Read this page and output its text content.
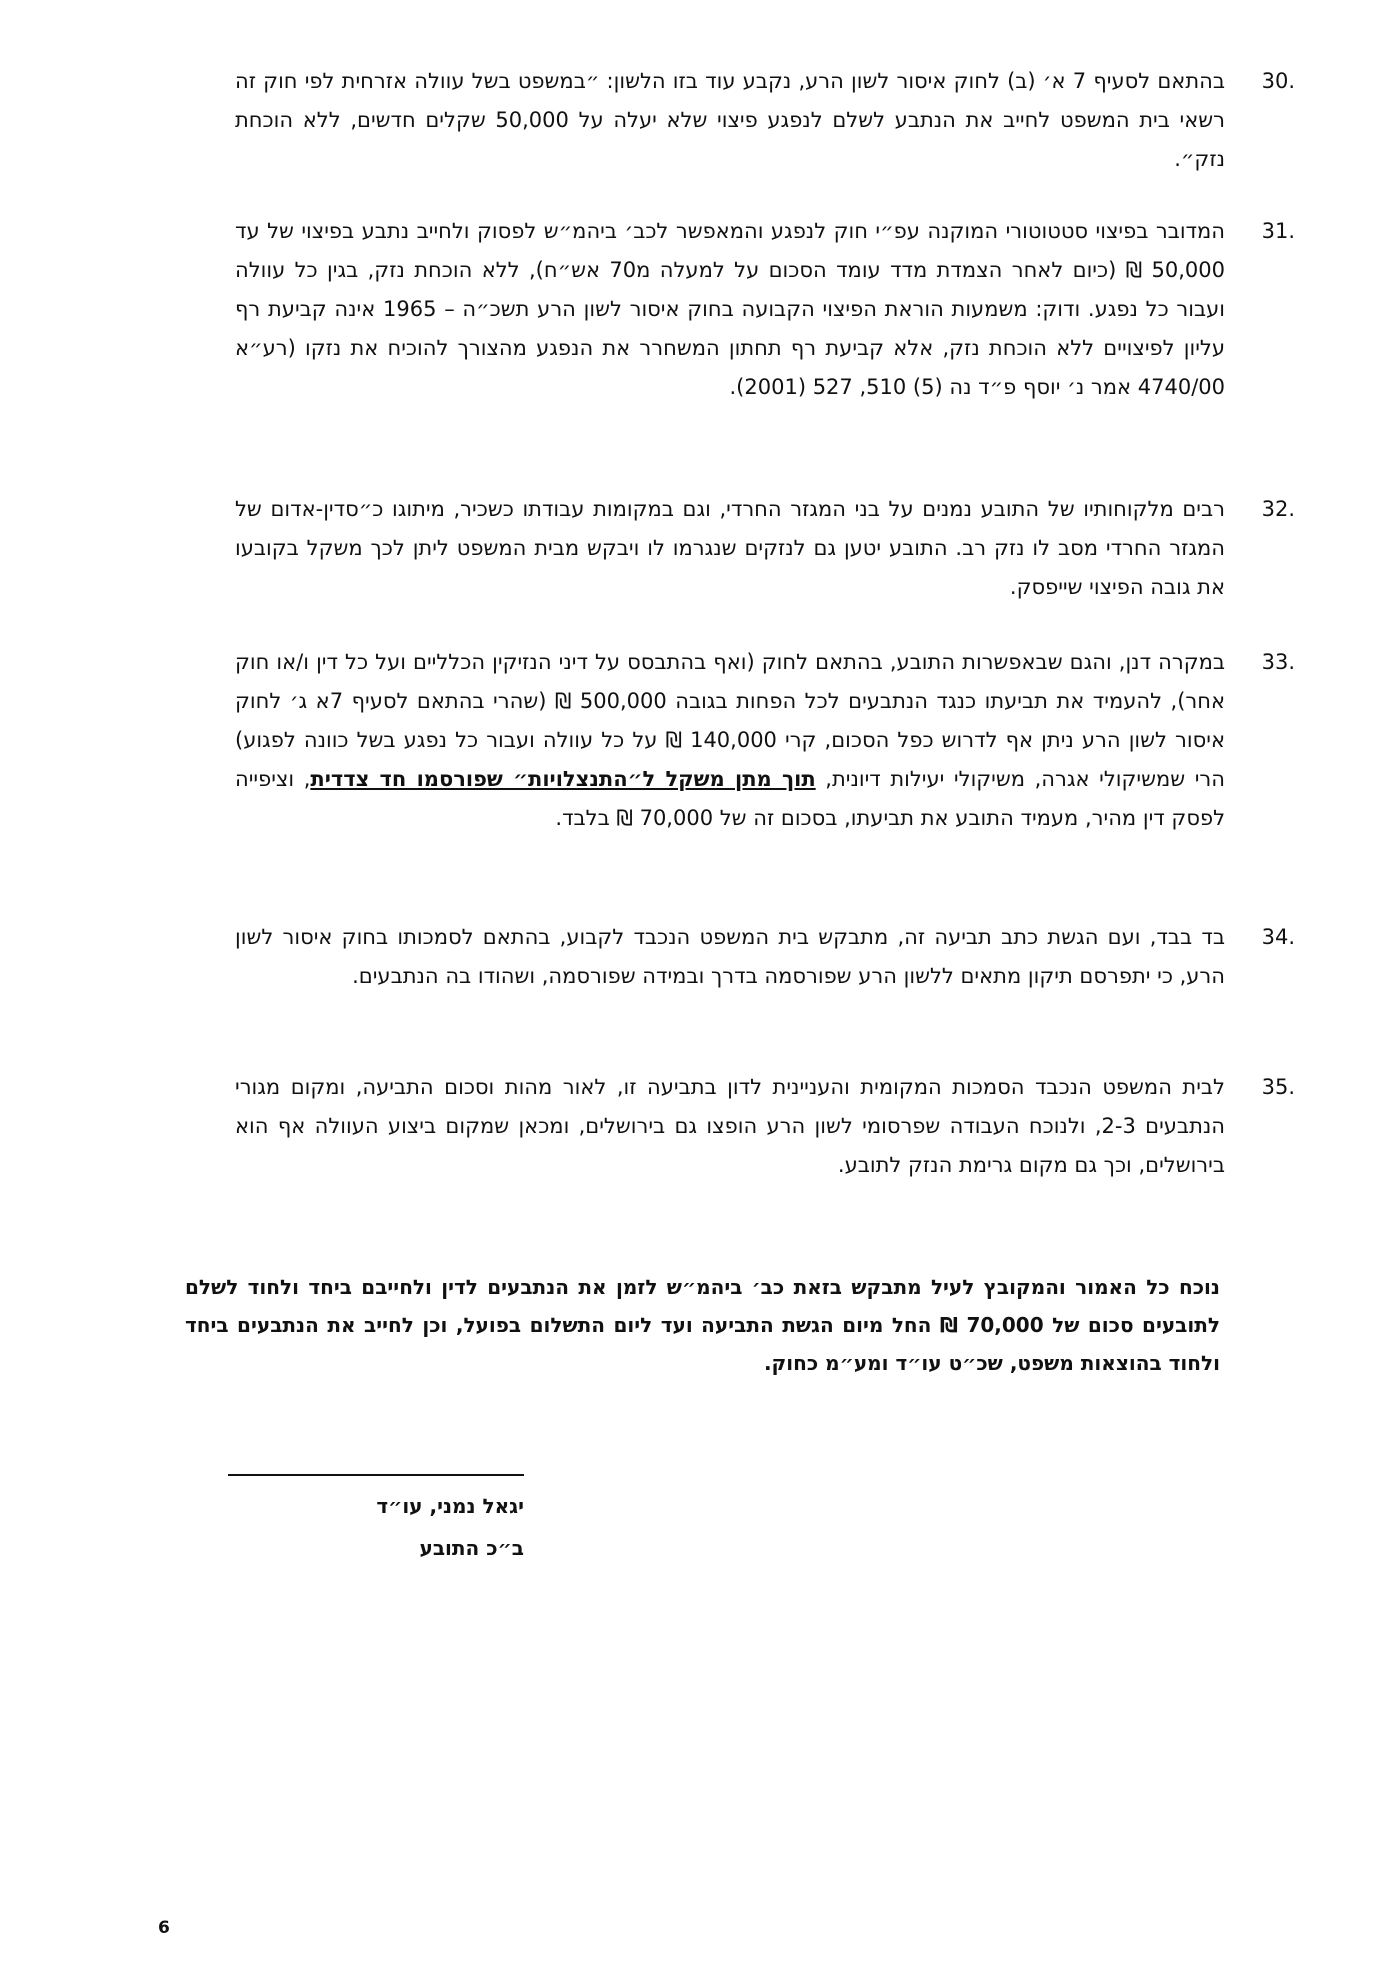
30.
בהתאם לסעיף 7 א׳ (ב) לחוק איסור לשון הרע, נקבע עוד בזו הלשון: ״במשפט בשל עוולה אזרחית לפי חוק זה רשאי בית המשפט לחייב את הנתבע לשלם לנפגע פיצוי שלא יעלה על 50,000 שקלים חדשים, ללא הוכחת נזק״.
31.
המדובר בפיצוי סטטוטורי המוקנה עפ״י חוק לנפגע והמאפשר לכב׳ ביהמ״ש לפסוק ולחייב נתבע בפיצוי של עד 50,000 ₪ (כיום לאחר הצמדת מדד עומד הסכום על למעלה מ70 אש״ח), ללא הוכחת נזק, בגין כל עוולה ועבור כל נפגע. ודוק: משמעות הוראת הפיצוי הקבועה בחוק איסור לשון הרע תשכ״ה – 1965 אינה קביעת רף עליון לפיצויים ללא הוכחת נזק, אלא קביעת רף תחתון המשחרר את הנפגע מהצורך להוכיח את נזקו (רע״א 4740/00 אמר נ׳ יוסף פ״ד נה (5) 510, 527 (2001).
32.
רבים מלקוחותיו של התובע נמנים על בני המגזר החרדי, וגם במקומות עבודתו כשכיר, מיתוגו כ״סדין-אדום של המגזר החרדי מסב לו נזק רב. התובע יטען גם לנזקים שנגרמו לו ויבקש מבית המשפט ליתן לכך משקל בקובעו את גובה הפיצוי שייפסק.
33.
במקרה דנן, והגם שבאפשרות התובע, בהתאם לחוק (ואף בהתבסס על דיני הנזיקין הכלליים ועל כל דין ו/או חוק אחר), להעמיד את תביעתו כנגד הנתבעים לכל הפחות בגובה 500,000 ₪ (שהרי בהתאם לסעיף 7א ג׳ לחוק איסור לשון הרע ניתן אף לדרוש כפל הסכום, קרי 140,000 ₪ על כל עוולה ועבור כל נפגע בשל כוונה לפגוע) הרי שמשיקולי אגרה, משיקולי יעילות דיונית, תוך מתן משקל ל״התנצלויות״ שפורסמו חד צדדית, וציפייה לפסק דין מהיר, מעמיד התובע את תביעתו, בסכום זה של 70,000 ₪ בלבד.
34.
בד בבד, ועם הגשת כתב תביעה זה, מתבקש בית המשפט הנכבד לקבוע, בהתאם לסמכותו בחוק איסור לשון הרע, כי יתפרסם תיקון מתאים ללשון הרע שפורסמה בדרך ובמידה שפורסמה, ושהודו בה הנתבעים.
35.
לבית המשפט הנכבד הסמכות המקומית והעניינית לדון בתביעה זו, לאור מהות וסכום התביעה, ומקום מגורי הנתבעים 2-3, ולנוכח העבודה שפרסומי לשון הרע הופצו גם בירושלים, ומכאן שמקום ביצוע העוולה אף הוא בירושלים, וכך גם מקום גרימת הנזק לתובע.
נוכח כל האמור והמקובץ לעיל מתבקש בזאת כב׳ ביהמ״ש לזמן את הנתבעים לדין ולחייבם ביחד ולחוד לשלם לתובעים סכום של 70,000 ₪ החל מיום הגשת התביעה ועד ליום התשלום בפועל, וכן לחייב את הנתבעים ביחד ולחוד בהוצאות משפט, שכ״ט עו״ד ומע״מ כחוק.
יגאל נמני, עו״ד
ב״כ התובע
6
